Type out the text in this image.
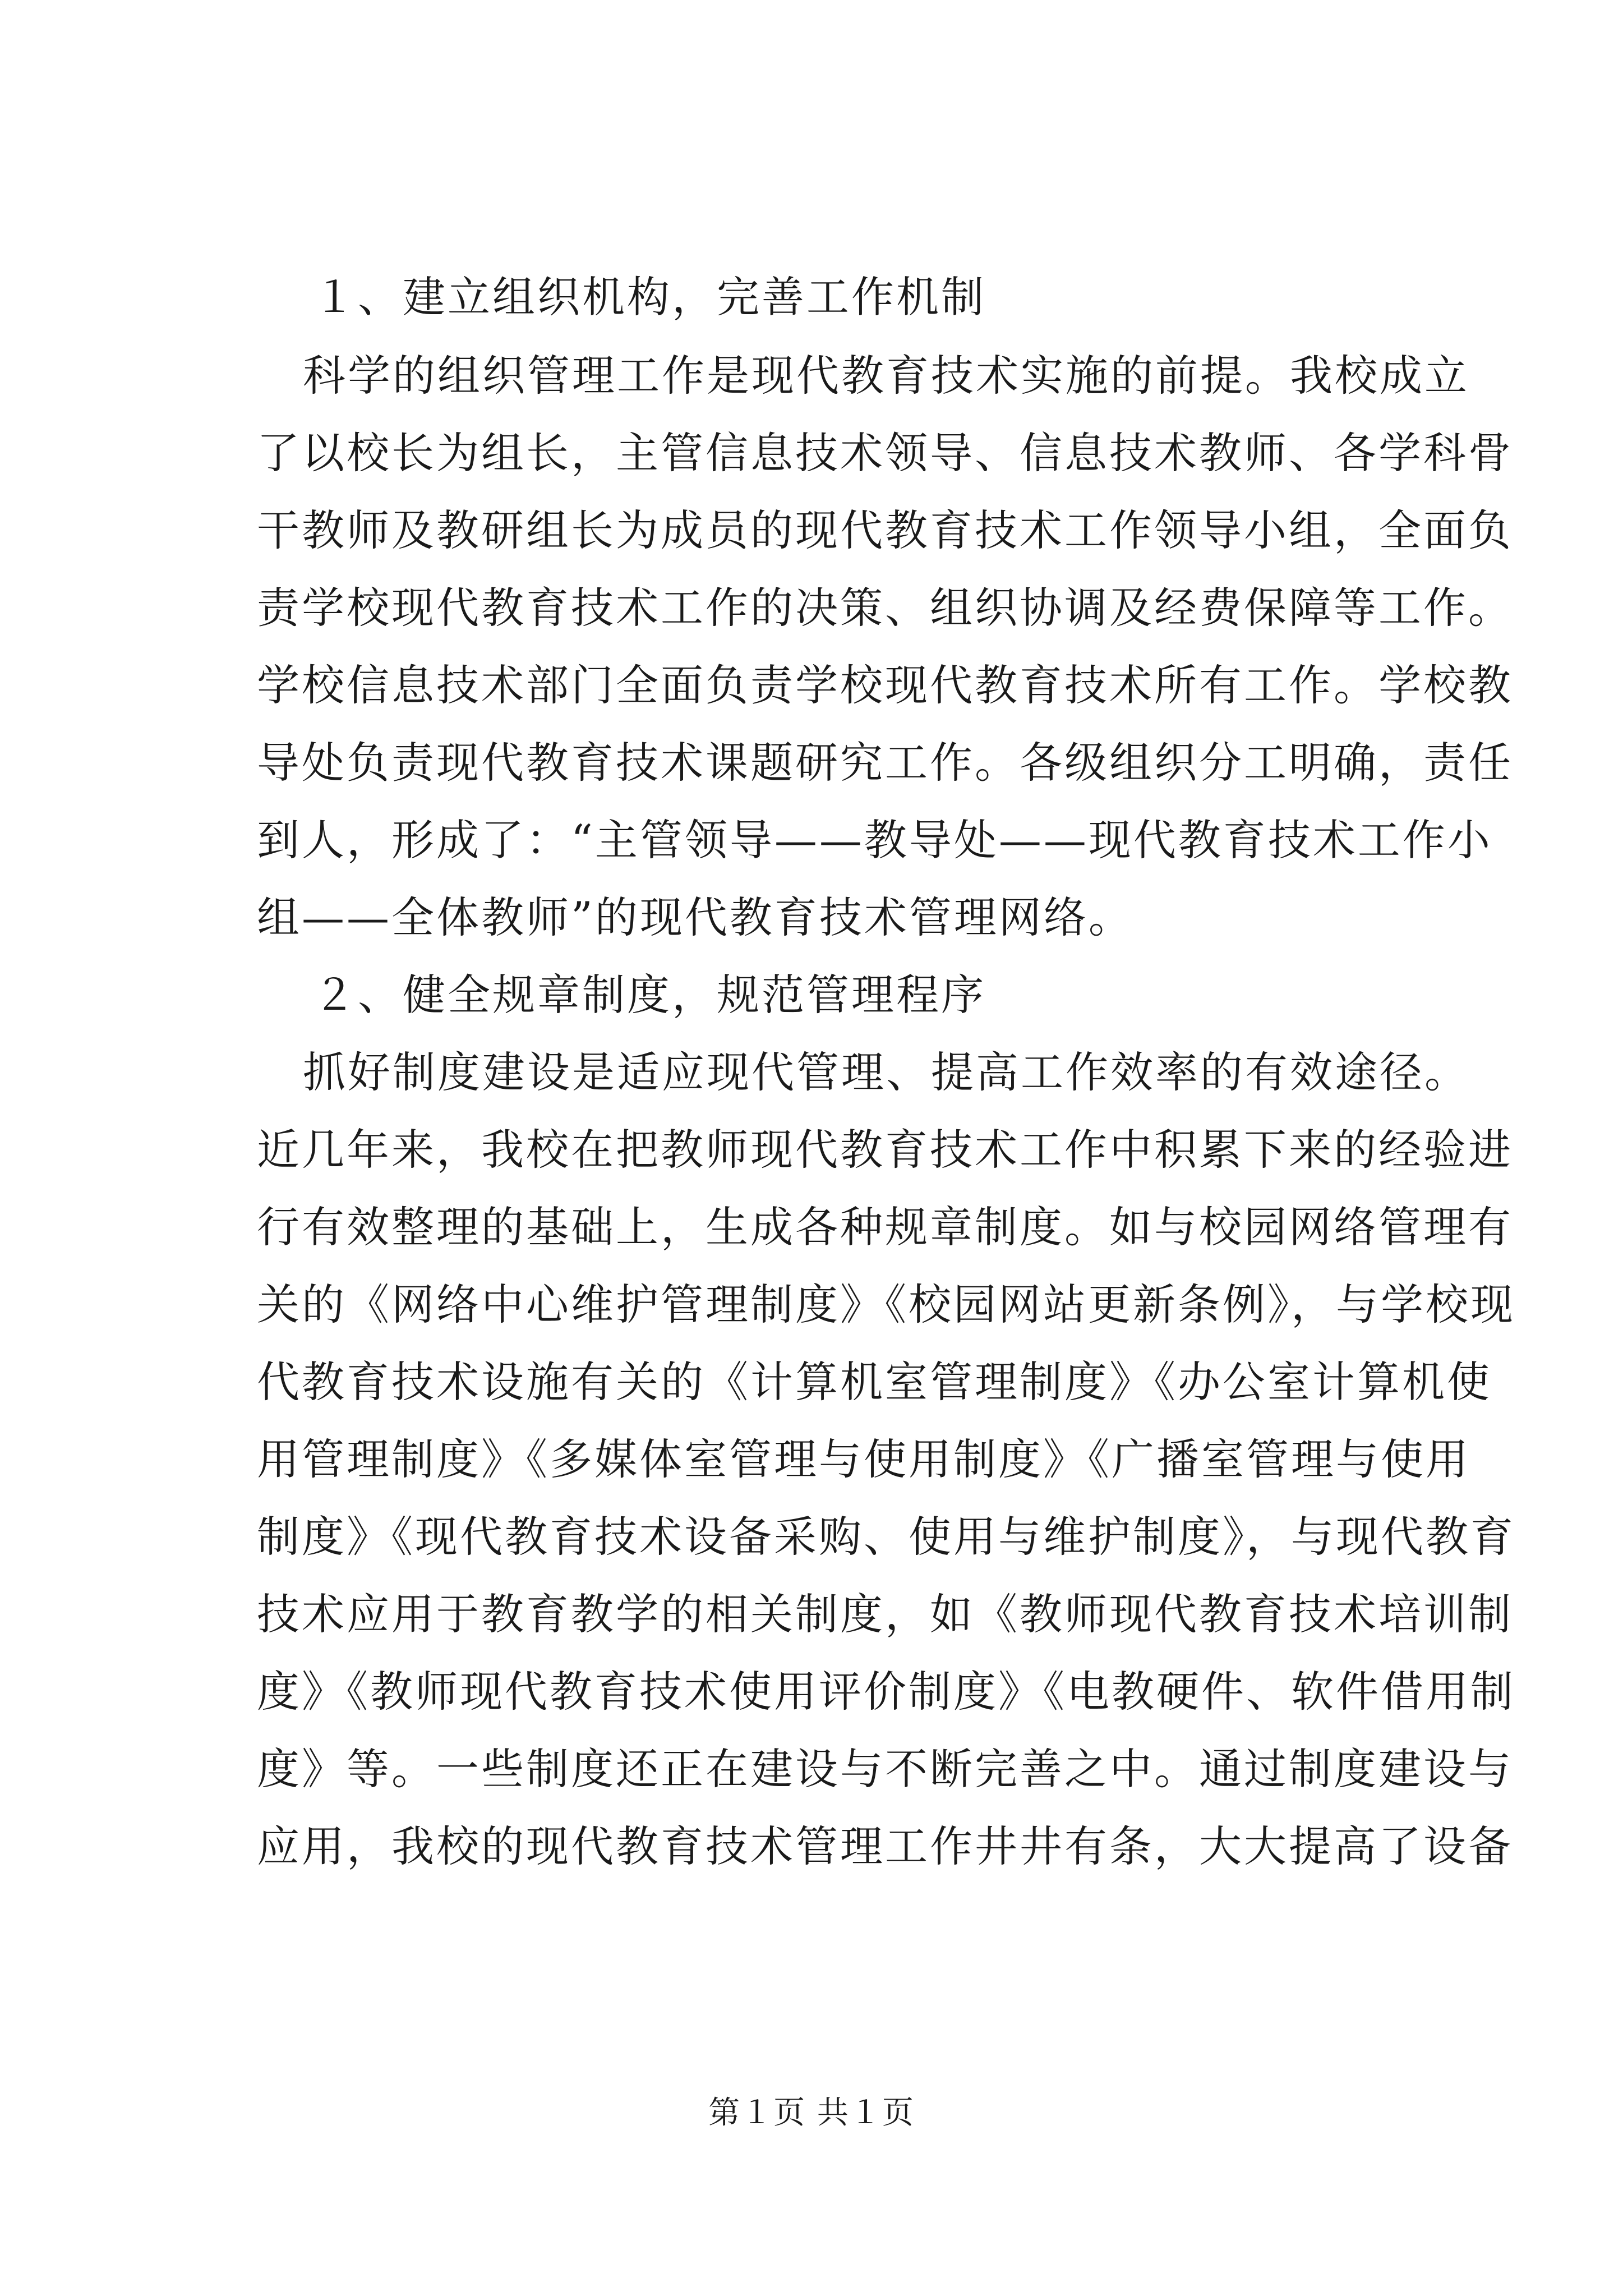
１、建立组织机构，完善工作机制
科学的组织管理工作是现代教育技术实施的前提。我校成立
了以校长为组长，主管信息技术领导、信息技术教师、各学科骨
干教师及教研组长为成员的现代教育技术工作领导小组，全面负
责学校现代教育技术工作的决策、组织协调及经费保障等工作。
学校信息技术部门全面负责学校现代教育技术所有工作。学校教
导处负责现代教育技术课题研究工作。各级组织分工明确，责任
到人，形成了：“主管领导——教导处——现代教育技术工作小
组——全体教师”的现代教育技术管理网络。
２、健全规章制度，规范管理程序
抓好制度建设是适应现代管理、提高工作效率的有效途径。
近几年来，我校在把教师现代教育技术工作中积累下来的经验进
行有效整理的基础上，生成各种规章制度。如与校园网络管理有
关的《网络中心维护管理制度》《校园网站更新条例》，与学校现
代教育技术设施有关的《计算机室管理制度》《办公室计算机使
用管理制度》《多媒体室管理与使用制度》《广播室管理与使用
制度》《现代教育技术设备采购、使用与维护制度》，与现代教育
技术应用于教育教学的相关制度，如《教师现代教育技术培训制
度》《教师现代教育技术使用评价制度》《电教硬件、软件借用制
度》等。一些制度还正在建设与不断完善之中。通过制度建设与
应用，我校的现代教育技术管理工作井井有条，大大提高了设备
第１页 共１页
